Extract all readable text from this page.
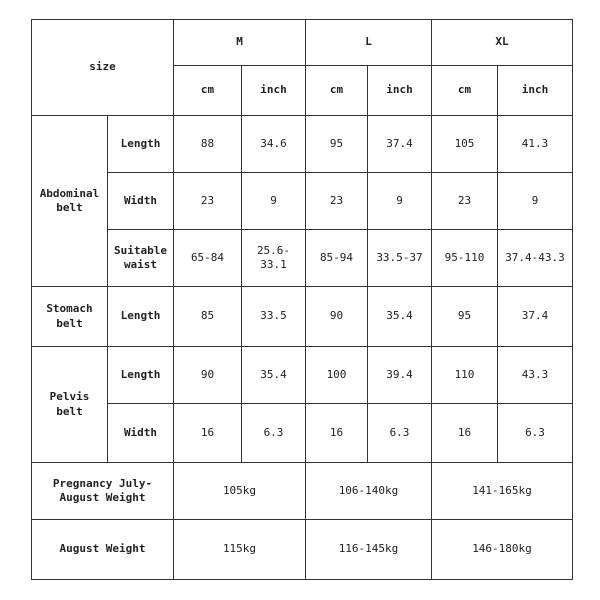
size		M		L		XL	
		cm	inch	cm	inch	cm	inch
Abdominal belt	Length	88	34.6	95	37.4	105	41.3
	Width	23	9	23	9	23	9
	Suitable waist	65-84	25.6-33.1	85-94	33.5-37	95-110	37.4-43.3
Stomach belt	Length	85	33.5	90	35.4	95	37.4
Pelvis belt	Length	90	35.4	100	39.4	110	43.3
	Width	16	6.3	16	6.3	16	6.3
Pregnancy July-August Weight		105kg		106-140kg		141-165kg	
August Weight		115kg		116-145kg		146-180kg	
